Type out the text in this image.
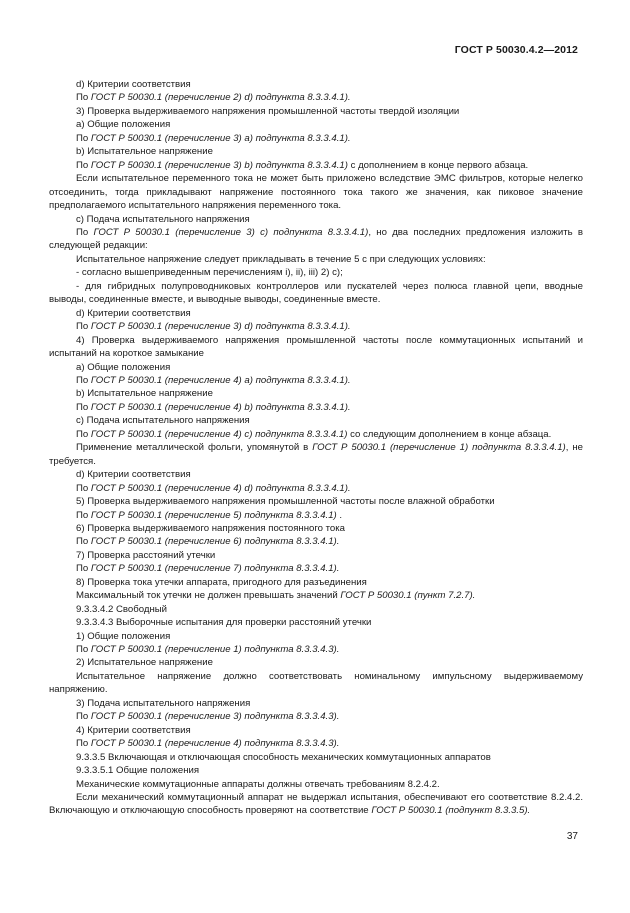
ГОСТ Р 50030.4.2—2012

d) Критерии соответствия

По ГОСТ Р 50030.1 (перечисление 2) d) подпункта 8.3.3.4.1).

3) Проверка выдерживаемого напряжения промышленной частоты твердой изоляции

a) Общие положения

По ГОСТ Р 50030.1 (перечисление 3) a) подпункта 8.3.3.4.1).

b) Испытательное напряжение

По ГОСТ Р 50030.1 (перечисление 3) b) подпункта 8.3.3.4.1) с дополнением в конце первого абзаца.

Если испытательное переменного тока не может быть приложено вследствие ЭМС фильтров, которые нелегко отсоединить, тогда прикладывают напряжение постоянного тока такого же значения, как пиковое значение предполагаемого испытательного напряжения переменного тока.

c) Подача испытательного напряжения

По ГОСТ Р 50030.1 (перечисление 3) c) подпункта 8.3.3.4.1), но два последних предложения изложить в следующей редакции:

Испытательное напряжение следует прикладывать в течение 5 с при следующих условиях:

- согласно вышеприведенным перечислениям i), ii), iii) 2) c);

- для гибридных полупроводниковых контроллеров или пускателей через полюса главной цепи, вводные выводы, соединенные вместе, и выводные выводы, соединенные вместе.

d) Критерии соответствия

По ГОСТ Р 50030.1 (перечисление 3) d) подпункта 8.3.3.4.1).

4) Проверка выдерживаемого напряжения промышленной частоты после коммутационных испытаний и испытаний на короткое замыкание

a) Общие положения

По ГОСТ Р 50030.1 (перечисление 4) a) подпункта 8.3.3.4.1).

b) Испытательное напряжение

По ГОСТ Р 50030.1 (перечисление 4) b) подпункта 8.3.3.4.1).

c) Подача испытательного напряжения

По ГОСТ Р 50030.1 (перечисление 4) c) подпункта 8.3.3.4.1) со следующим дополнением в конце абзаца.

Применение металлической фольги, упомянутой в ГОСТ Р 50030.1 (перечисление 1) подпункта 8.3.3.4.1), не требуется.

d) Критерии соответствия

По ГОСТ Р 50030.1 (перечисление 4) d) подпункта 8.3.3.4.1).

5) Проверка выдерживаемого напряжения промышленной частоты после влажной обработки

По ГОСТ Р 50030.1 (перечисление 5) подпункта 8.3.3.4.1) .

6) Проверка выдерживаемого напряжения постоянного тока

По ГОСТ Р 50030.1 (перечисление 6) подпункта 8.3.3.4.1).

7) Проверка расстояний утечки

По ГОСТ Р 50030.1 (перечисление 7) подпункта 8.3.3.4.1).

8) Проверка тока утечки аппарата, пригодного для разъединения

Максимальный ток утечки не должен превышать значений ГОСТ Р 50030.1 (пункт 7.2.7).

9.3.3.4.2 Свободный

9.3.3.4.3 Выборочные испытания для проверки расстояний утечки

1) Общие положения

По ГОСТ Р 50030.1 (перечисление 1) подпункта 8.3.3.4.3).

2) Испытательное напряжение

Испытательное напряжение должно соответствовать номинальному импульсному выдерживаемому напряжению.

3) Подача испытательного напряжения

По ГОСТ Р 50030.1 (перечисление 3) подпункта 8.3.3.4.3).

4) Критерии соответствия

По ГОСТ Р 50030.1 (перечисление 4) подпункта 8.3.3.4.3).

9.3.3.5 Включающая и отключающая способность механических коммутационных аппаратов

9.3.3.5.1 Общие положения

Механические коммутационные аппараты должны отвечать требованиям 8.2.4.2.

Если механический коммутационный аппарат не выдержал испытания, обеспечивают его соответствие 8.2.4.2. Включающую и отключающую способность проверяют на соответствие ГОСТ Р 50030.1 (подпункт 8.3.3.5).

37
